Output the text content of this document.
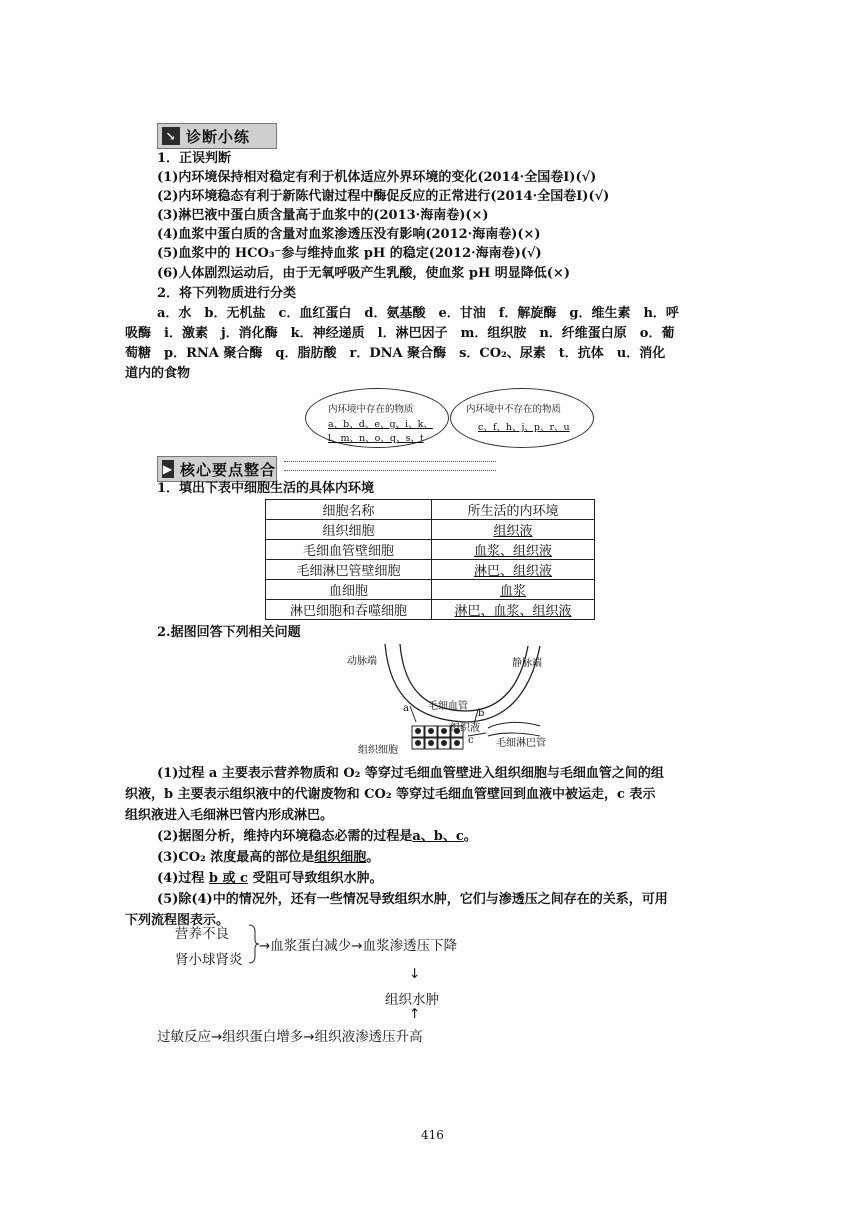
↘ 诊断小练
1．正误判断
(1)内环境保持相对稳定有利于机体适应外界环境的变化(2014·全国卷Ⅰ)(√)
(2)内环境稳态有利于新陈代谢过程中酶促反应的正常进行(2014·全国卷Ⅰ)(√)
(3)淋巴液中蛋白质含量高于血浆中的(2013·海南卷)(×)
(4)血浆中蛋白质的含量对血浆渗透压没有影响(2012·海南卷)(×)
(5)血浆中的 HCO₃⁻参与维持血浆 pH 的稳定(2012·海南卷)(√)
(6)人体剧烈运动后，由于无氧呼吸产生乳酸，使血浆 pH 明显降低(×)
2．将下列物质进行分类
a．水　b．无机盐　c．血红蛋白　d．氨基酸　e．甘油　f．解旋酶　g．维生素　h．呼
吸酶　i．激素　j．消化酶　k．神经递质　l．淋巴因子　m．组织胺　n．纤维蛋白原　o．葡
萄糖　p．RNA 聚合酶　q．脂肪酸　r．DNA 聚合酶　s．CO₂、尿素　t．抗体　u．消化
道内的食物
内环境中存在的物质
a、b、d、e、g、i、k、
l、m、n、o、q、s、t
内环境中不存在的物质
c、f、h、j、p、r、u
▶ 核心要点整合
1．填出下表中细胞生活的具体内环境
细胞名称	所生活的内环境
组织细胞	组织液
毛细血管壁细胞	血浆、组织液
毛细淋巴管壁细胞	淋巴、组织液
血细胞	血浆
淋巴细胞和吞噬细胞	淋巴、血浆、组织液
2.据图回答下列相关问题
动脉端	静脉端
毛细血管
组织液
毛细淋巴管
组织细胞
a	b
c
(1)过程 a 主要表示营养物质和 O₂ 等穿过毛细血管壁进入组织细胞与毛细血管之间的组
织液，b 主要表示组织液中的代谢废物和 CO₂ 等穿过毛细血管壁回到血液中被运走，c 表示
组织液进入毛细淋巴管内形成淋巴。
(2)据图分析，维持内环境稳态必需的过程是a、b、c。
(3)CO₂ 浓度最高的部位是组织细胞。
(4)过程 b 或 c 受阻可导致组织水肿。
(5)除(4)中的情况外，还有一些情况导致组织水肿，它们与渗透压之间存在的关系，可用
下列流程图表示。
营养不良
肾小球肾炎
→血浆蛋白减少→血浆渗透压下降
↓
组织水肿
↑
过敏反应→组织蛋白增多→组织液渗透压升高
416
